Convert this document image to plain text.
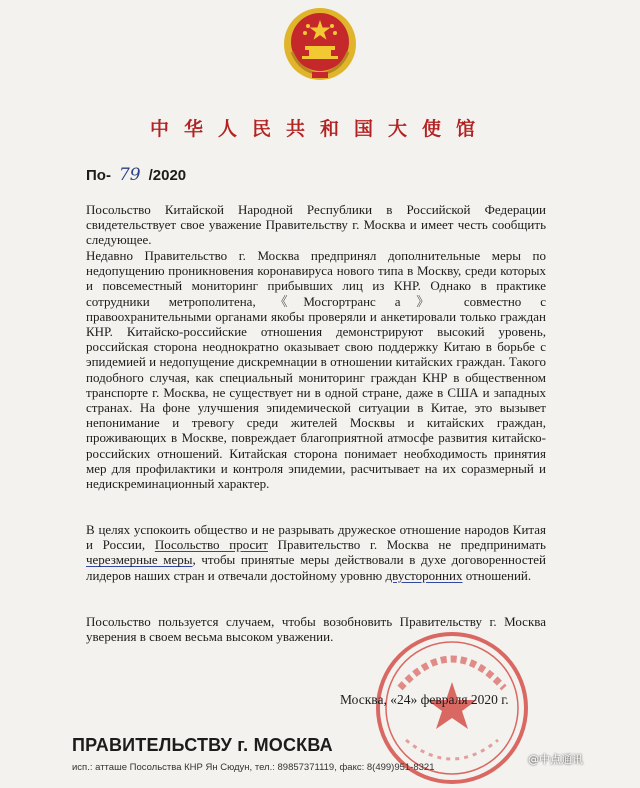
中华人民共和国大使馆
По- 79 /2020

Посольство Китайской Народной Республики в Российской Федерации свидетельствует свое уважение Правительству г. Москва и имеет честь сообщить следующее.

Недавно Правительство г. Москва предпринял дополнительные меры по недопущению проникновения коронавируса нового типа в Москву, среди которых и повсеместный мониторинг прибывших лиц из КНР. Однако в практике сотрудники метрополитена, 《Мосгортранс а》 совместно с правоохранительными органами якобы проверяли и анкетировали только граждан КНР. Китайско-российские отношения демонстрируют высокий уровень, российская сторона неоднократно оказывает свою поддержку Китаю в борьбе с эпидемией и недопущение дискремнации в отношении китайских граждан. Такого подобного случая, как специальный мониторинг граждан КНР в общественном транспорте г. Москва, не существует ни в одной стране, даже в США и западных странах. На фоне улучшения эпидемической ситуации в Китае, это вызывет непонимание и тревогу среди жителей Москвы и китайских граждан, проживающих в Москве, повреждает благоприятной атмосфе развития китайско-российских отношений. Китайская сторона понимает необходимость принятия мер для профилактики и контроля эпидемии, расчитывает на их соразмерный и недискреминационный характер.

В целях успокоить общество и не разрывать дружеское отношение народов Китая и России, Посольство просит Правительство г. Москва не предпринимать черезмерные меры, чтобы принятые меры действовали в духе договоренностей лидеров наших стран и отвечали достойному уровню двусторонних отношений.

Посольство пользуется случаем, чтобы возобновить Правительству г. Москва уверения в своем весьма высоком уважении.

Москва, «24» февраля 2020 г.
ПРАВИТЕЛЬСТВУ г. МОСКВА
исп.: атташе Посольства КНР Ян Сюдун, тел.: 89857371119, факс: 8(499)951-8321
@中点通讯
